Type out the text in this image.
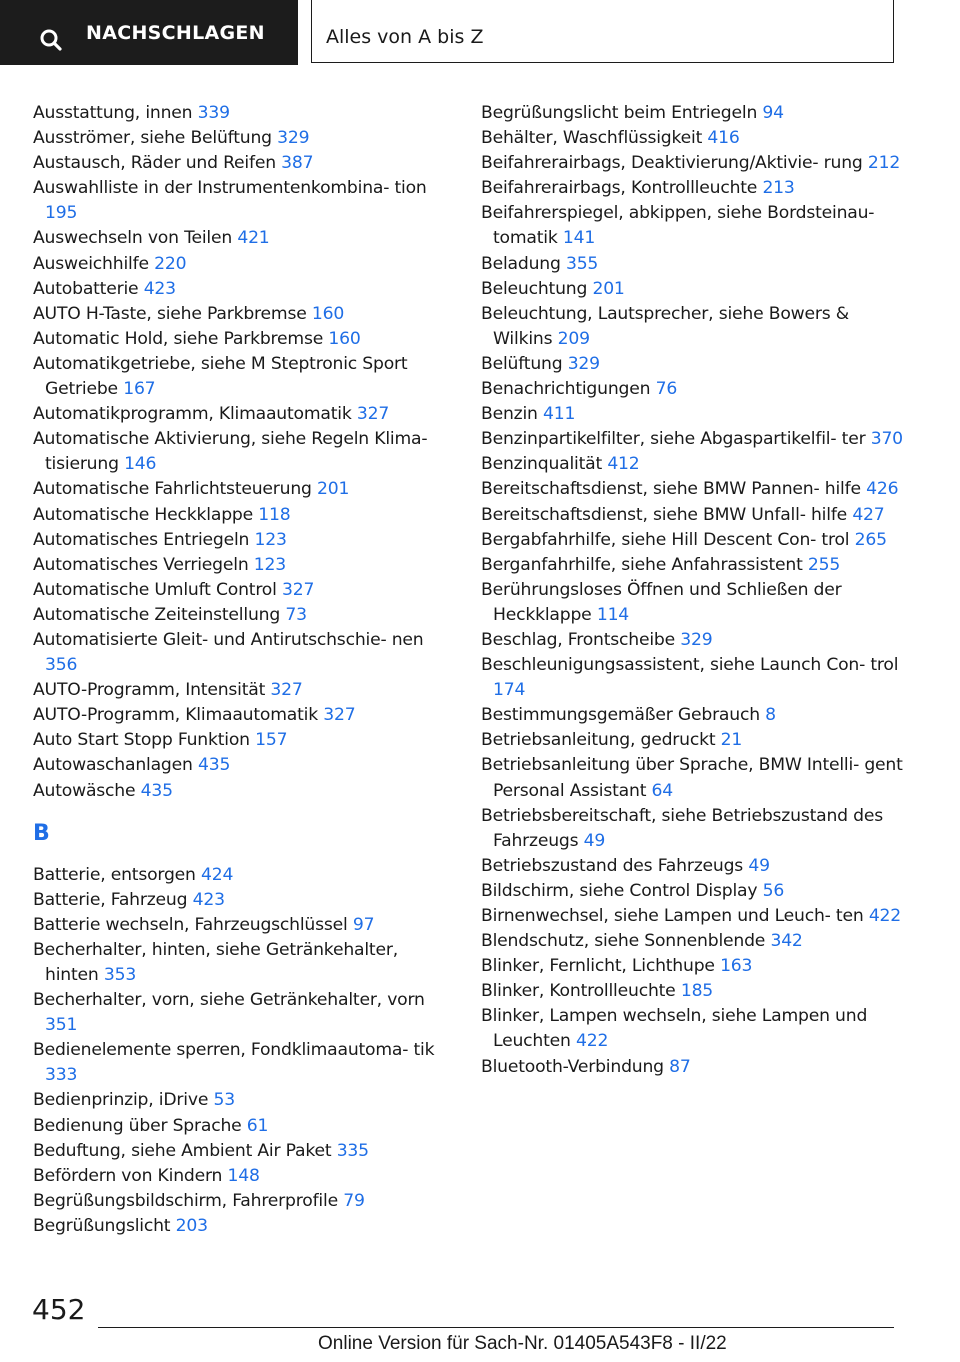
NACHSCHLAGEN	Alles von A bis Z
Ausstattung, innen 339
Ausströmer, siehe Belüftung 329
Austausch, Räder und Reifen 387
Auswahlliste in der Instrumentenkombina‐ tion 195
Auswechseln von Teilen 421
Ausweichhilfe 220
Autobatterie 423
AUTO H-Taste, siehe Parkbremse 160
Automatic Hold, siehe Parkbremse 160
Automatikgetriebe, siehe M Steptronic Sport Getriebe 167
Automatikprogramm, Klimaautomatik 327
Automatische Aktivierung, siehe Regeln Klima‐ tisierung 146
Automatische Fahrlichtsteuerung 201
Automatische Heckklappe 118
Automatisches Entriegeln 123
Automatisches Verriegeln 123
Automatische Umluft Control 327
Automatische Zeiteinstellung 73
Automatisierte Gleit- und Antirutschschie‐ nen 356
AUTO-Programm, Intensität 327
AUTO-Programm, Klimaautomatik 327
Auto Start Stopp Funktion 157
Autowaschanlagen 435
Autowäsche 435
B
Batterie, entsorgen 424
Batterie, Fahrzeug 423
Batterie wechseln, Fahrzeugschlüssel 97
Becherhalter, hinten, siehe Getränkehalter, hinten 353
Becherhalter, vorn, siehe Getränkehalter, vorn 351
Bedienelemente sperren, Fondklimaautoma‐ tik 333
Bedienprinzip, iDrive 53
Bedienung über Sprache 61
Beduftung, siehe Ambient Air Paket 335
Befördern von Kindern 148
Begrüßungsbildschirm, Fahrerprofile 79
Begrüßungslicht 203
Begrüßungslicht beim Entriegeln 94
Behälter, Waschflüssigkeit 416
Beifahrerairbags, Deaktivierung/Aktivie‐ rung 212
Beifahrerairbags, Kontrollleuchte 213
Beifahrerspiegel, abkippen, siehe Bordsteinau‐ tomatik 141
Beladung 355
Beleuchtung 201
Beleuchtung, Lautsprecher, siehe Bowers & Wilkins 209
Belüftung 329
Benachrichtigungen 76
Benzin 411
Benzinpartikelfilter, siehe Abgaspartikelfil‐ ter 370
Benzinqualität 412
Bereitschaftsdienst, siehe BMW Pannen‐ hilfe 426
Bereitschaftsdienst, siehe BMW Unfall‐ hilfe 427
Bergabfahrhilfe, siehe Hill Descent Con‐ trol 265
Berganfahrhilfe, siehe Anfahrassistent 255
Berührungsloses Öffnen und Schließen der Heckklappe 114
Beschlag, Frontscheibe 329
Beschleunigungsassistent, siehe Launch Con‐ trol 174
Bestimmungsgemäßer Gebrauch 8
Betriebsanleitung, gedruckt 21
Betriebsanleitung über Sprache, BMW Intelli‐ gent Personal Assistant 64
Betriebsbereitschaft, siehe Betriebszustand des Fahrzeugs 49
Betriebszustand des Fahrzeugs 49
Bildschirm, siehe Control Display 56
Birnenwechsel, siehe Lampen und Leuch‐ ten 422
Blendschutz, siehe Sonnenblende 342
Blinker, Fernlicht, Lichthupe 163
Blinker, Kontrollleuchte 185
Blinker, Lampen wechseln, siehe Lampen und Leuchten 422
Bluetooth-Verbindung 87
452
Online Version für Sach-Nr. 01405A543F8 - II/22
